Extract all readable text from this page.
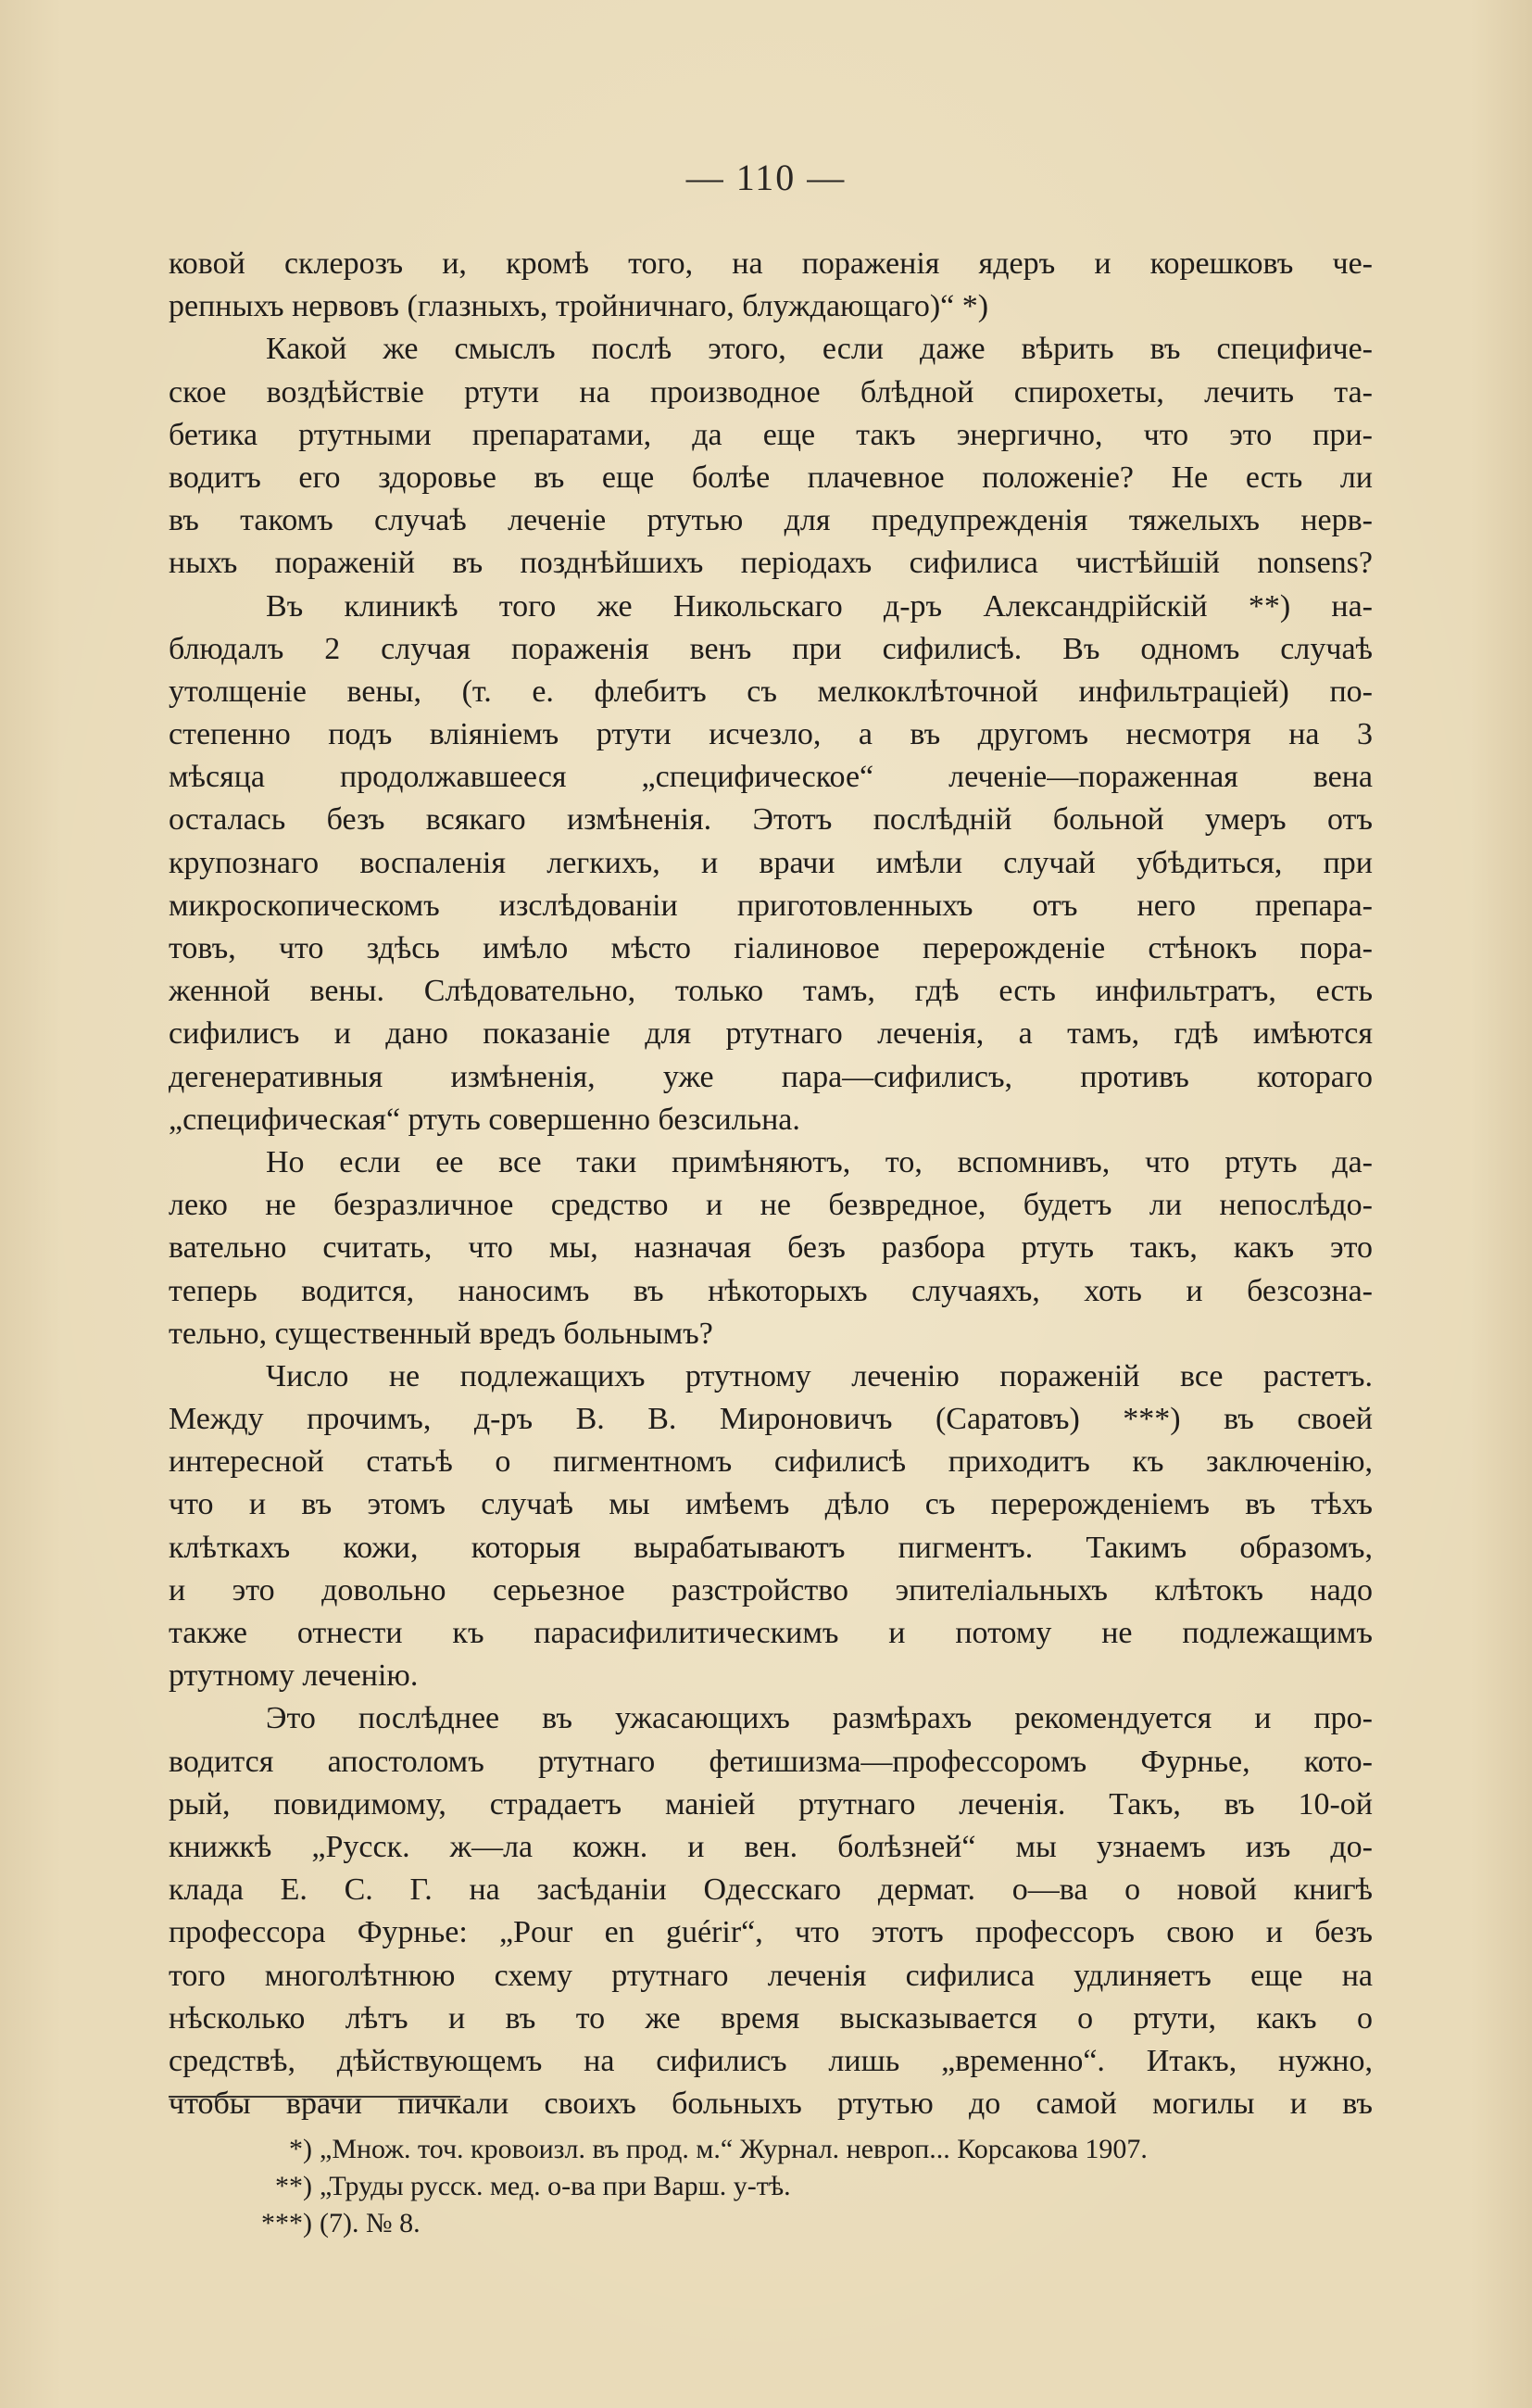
— 110 —
ковой склерозъ и, кромѣ того, на пораженія ядеръ и корешковъ че-
репныхъ нервовъ (глазныхъ, тройничнаго, блуждающаго)“ *)
Какой же смыслъ послѣ этого, если даже вѣрить въ специфиче-
ское воздѣйствіе ртути на производное блѣдной спирохеты, лечить та-
бетика ртутными препаратами, да еще такъ энергично, что это при-
водитъ его здоровье въ еще болѣе плачевное положенiе? Не есть ли
въ такомъ случаѣ леченіе ртутью для предупрежденія тяжелыхъ нерв-
ныхъ пораженій въ позднѣйшихъ періодахъ сифилиса чистѣйшій nonsens?
Въ клиникѣ того же Никольскаго д-ръ Александрійскій **) на-
блюдалъ 2 случая пораженія венъ при сифилисѣ. Въ одномъ случаѣ
утолщеніе вены, (т. е. флебитъ съ мелкоклѣточной инфильтраціей) по-
степенно подъ вліяніемъ ртути исчезло, а въ другомъ несмотря на 3
мѣсяца продолжавшееся „специфическое“ леченіе—пораженная вена
осталась безъ всякаго измѣненія. Этотъ послѣдній больной умеръ отъ
крупознаго воспаленія легкихъ, и врачи имѣли случай убѣдиться, при
микроскопическомъ изслѣдованіи приготовленныхъ отъ него препара-
товъ, что здѣсь имѣло мѣсто гіалиновое перерожденіе стѣнокъ пора-
женной вены. Слѣдовательно, только тамъ, гдѣ есть инфильтратъ, есть
сифилисъ и дано показаніе для ртутнаго леченія, а тамъ, гдѣ имѣются
дегенеративныя измѣненія, уже пара—сифилисъ, противъ котораго
„специфическая“ ртуть совершенно безсильна.
Но если ее все таки примѣняютъ, то, вспомнивъ, что ртуть да-
леко не безразличное средство и не безвредное, будетъ ли непослѣдо-
вательно считать, что мы, назначая безъ разбора ртуть такъ, какъ это
теперь водится, наносимъ въ нѣкоторыхъ случаяхъ, хоть и безсозна-
тельно, существенный вредъ больнымъ?
Число не подлежащихъ ртутному леченію пораженій все растетъ.
Между прочимъ, д-ръ В. В. Мироновичъ (Саратовъ) ***) въ своей
интересной статьѣ о пигментномъ сифилисѣ приходитъ къ заключенію,
что и въ этомъ случаѣ мы имѣемъ дѣло съ перерожденіемъ въ тѣхъ
клѣткахъ кожи, которыя вырабатываютъ пигментъ. Такимъ образомъ,
и это довольно серьезное разстройство эпителіальныхъ клѣтокъ надо
также отнести къ парасифилитическимъ и потому не подлежащимъ
ртутному леченію.
Это послѣднее въ ужасающихъ размѣрахъ рекомендуется и про-
водится апостоломъ ртутнаго фетишизма—профессоромъ Фурнье, кото-
рый, повидимому, страдаетъ маніей ртутнаго леченія. Такъ, въ 10-ой
книжкѣ „Русск. ж—ла кожн. и вен. болѣзней“ мы узнаемъ изъ до-
клада Е. С. Г. на засѣданіи Одесскаго дермат. о—ва о новой книгѣ
профессора Фурнье: „Pour en guérir“, что этотъ профессоръ свою и безъ
того многолѣтнюю схему ртутнаго леченія сифилиса удлиняетъ еще на
нѣсколько лѣтъ и въ то же время высказывается о ртути, какъ о
средствѣ, дѣйствующемъ на сифилисъ лишь „временно“. Итакъ, нужно,
чтобы врачи пичкали своихъ больныхъ ртутью до самой могилы и въ
*) „Множ. точ. кровоизл. въ прод. м.“ Журнал. невроп... Корсакова 1907.
**) „Труды русск. мед. о-ва при Варш. у-тѣ.
***) (7). № 8.
